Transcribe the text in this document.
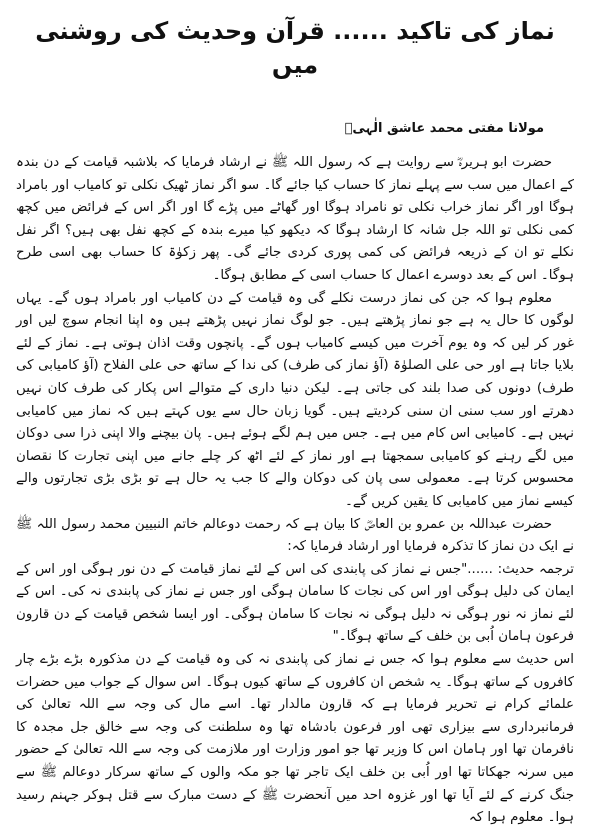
نماز کی تاکید ...... قرآن وحدیث کی روشنی میں
مولانا مفتی محمد عاشق الٰہیؒ

حضرت ابو ہریرہؓ سے روایت ہے کہ رسول اللہ ﷺ نے ارشاد فرمایا کہ بلاشبہ قیامت کے دن بندہ کے اعمال میں سب سے پہلے نماز کا حساب کیا جائے گا۔ سو اگر نماز ٹھیک نکلی تو کامیاب اور بامراد ہوگا اور اگر نماز خراب نکلی تو نامراد ہوگا اور گھاٹے میں پڑے گا اور اگر اس کے فرائض میں کچھ کمی نکلی تو اللہ جل شانہ کا ارشاد ہوگا کہ دیکھو کیا میرے بندہ کے کچھ نفل بھی ہیں؟ اگر نفل نکلے تو ان کے ذریعہ فرائض کی کمی پوری کردی جائے گی۔ پھر زکوٰۃ کا حساب بھی اسی طرح ہوگا۔ اس کے بعد دوسرے اعمال کا حساب اسی کے مطابق ہوگا۔

معلوم ہوا کہ جن کی نماز درست نکلے گی وہ قیامت کے دن کامیاب اور بامراد ہوں گے۔ یہاں لوگوں کا حال یہ ہے جو نماز پڑھتے ہیں۔ جو لوگ نماز نہیں پڑھتے ہیں وہ اپنا انجام سوچ لیں اور غور کر لیں کہ وہ یوم آخرت میں کیسے کامیاب ہوں گے۔ پانچوں وقت اذان ہوتی ہے۔ نماز کے لئے بلایا جاتا ہے اور حی علی الصلوٰۃ (آؤ نماز کی طرف) کی ندا کے ساتھ حی علی الفلاح (آؤ کامیابی کی طرف) دونوں کی صدا بلند کی جاتی ہے۔ لیکن دنیا داری کے متوالے اس پکار کی طرف کان نہیں دھرتے اور سب سنی ان سنی کردیتے ہیں۔ گویا زبان حال سے یوں کہتے ہیں کہ نماز میں کامیابی نہیں ہے۔ کامیابی اس کام میں ہے۔ جس میں ہم لگے ہوئے ہیں۔ پان بیچنے والا اپنی ذرا سی دوکان میں لگے رہنے کو کامیابی سمجھتا ہے اور نماز کے لئے اٹھ کر چلے جانے میں اپنی تجارت کا نقصان محسوس کرتا ہے۔ معمولی سی پان کی دوکان والے کا جب یہ حال ہے تو بڑی بڑی تجارتوں والے کیسے نماز میں کامیابی کا یقین کریں گے۔

حضرت عبداللہ بن عمرو بن العاصؓ کا بیان ہے کہ رحمت دوعالم خاتم النبیین محمد رسول اللہ ﷺ نے ایک دن نماز کا تذکرہ فرمایا اور ارشاد فرمایا کہ:

ترجمہ حدیث: ......"جس نے نماز کی پابندی کی اس کے لئے نماز قیامت کے دن نور ہوگی اور اس کے ایمان کی دلیل ہوگی اور اس کی نجات کا سامان ہوگی اور جس نے نماز کی پابندی نہ کی۔ اس کے لئے نماز نہ نور ہوگی نہ دلیل ہوگی نہ نجات کا سامان ہوگی۔ اور ایسا شخص قیامت کے دن قارون فرعون ہامان اُبی بن خلف کے ساتھ ہوگا۔"

اس حدیث سے معلوم ہوا کہ جس نے نماز کی پابندی نہ کی وہ قیامت کے دن مذکورہ بڑے بڑے چار کافروں کے ساتھ ہوگا۔ یہ شخص ان کافروں کے ساتھ کیوں ہوگا۔ اس سوال کے جواب میں حضرات علمائے کرام نے تحریر فرمایا ہے کہ قارون مالدار تھا۔ اسے مال کی وجہ سے اللہ تعالیٰ کی فرمانبرداری سے بیزاری تھی اور فرعون بادشاہ تھا وہ سلطنت کی وجہ سے خالق جل مجدہ کا نافرمان تھا اور ہامان اس کا وزیر تھا جو امور وزارت اور ملازمت کی وجہ سے اللہ تعالیٰ کے حضور میں سرنہ جھکاتا تھا اور اُبی بن خلف ایک تاجر تھا جو مکہ والوں کے ساتھ سرکار دوعالم ﷺ سے جنگ کرنے کے لئے آیا تھا اور غزوہ احد میں آنحضرت ﷺ کے دست مبارک سے قتل ہوکر جہنم رسید ہوا۔ معلوم ہوا کہ
